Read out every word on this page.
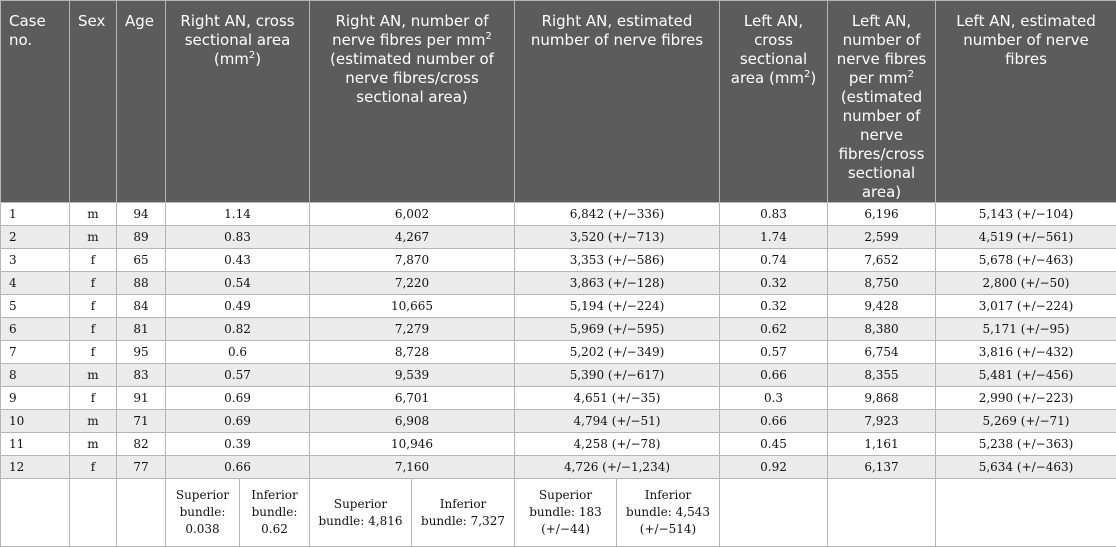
Case no.	Sex	Age	Right AN, cross sectional area $(mm^2)$		Right AN, number of nerve fibres per $mm^2$ (estimated number of nerve fibres/cross sectional area)		Right AN, estimated number of nerve fibres		Left AN, cross sectional area $(mm^2)$	Left AN, number of nerve fibres per $mm^2$ (estimated number of nerve fibres/cross sectional area)	Left AN, estimated number of nerve fibres
1	m	94	1.14		6,002		6,842 (+/−336)		0.83	6,196	5,143 (+/−104)
2	m	89	0.83		4,267		3,520 (+/−713)		1.74	2,599	4,519 (+/−561)
3	f	65	0.43		7,870		3,353 (+/−586)		0.74	7,652	5,678 (+/−463)
4	f	88	0.54		7,220		3,863 (+/−128)		0.32	8,750	2,800 (+/−50)
5	f	84	0.49		10,665		5,194 (+/−224)		0.32	9,428	3,017 (+/−224)
6	f	81	0.82		7,279		5,969 (+/−595)		0.62	8,380	5,171 (+/−95)
7	f	95	0.6		8,728		5,202 (+/−349)		0.57	6,754	3,816 (+/−432)
8	m	83	0.57		9,539		5,390 (+/−617)		0.66	8,355	5,481 (+/−456)
9	f	91	0.69		6,701		4,651 (+/−35)		0.3	9,868	2,990 (+/−223)
10	m	71	0.69		6,908		4,794 (+/−51)		0.66	7,923	5,269 (+/−71)
11	m	82	0.39		10,946		4,258 (+/−78)		0.45	1,161	5,238 (+/−363)
12	f	77	0.66		7,160		4,726 (+/−1,234)		0.92	6,137	5,634 (+/−463)
			Superior bundle: 0.038	Inferior bundle: 0.62	Superior bundle: 4,816	Inferior bundle: 7,327	Superior bundle: 183 (+/−44)	Inferior bundle: 4,543 (+/−514)			
